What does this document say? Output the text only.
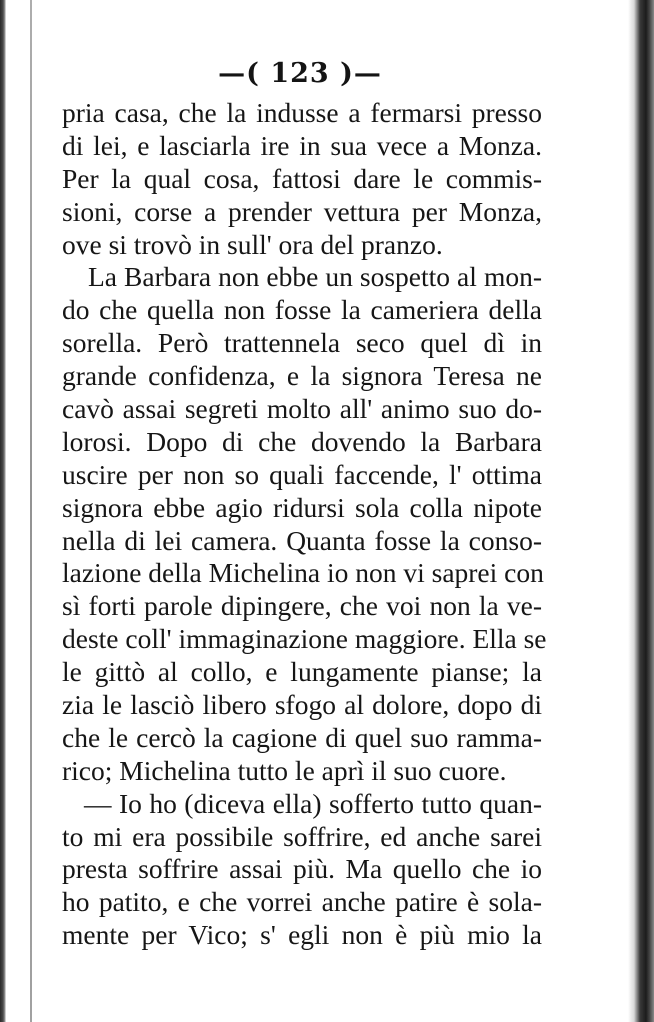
—( 123 )—
pria casa, che la indusse a fermarsi presso
di lei, e lasciarla ire in sua vece a Monza.
Per la qual cosa, fattosi dare le commis-
sioni, corse a prender vettura per Monza,
ove si trovò in sull' ora del pranzo.
La Barbara non ebbe un sospetto al mon-
do che quella non fosse la cameriera della
sorella. Però trattennela seco quel dì in
grande confidenza, e la signora Teresa ne
cavò assai segreti molto all' animo suo do-
lorosi. Dopo di che dovendo la Barbara
uscire per non so quali faccende, l' ottima
signora ebbe agio ridursi sola colla nipote
nella di lei camera. Quanta fosse la conso-
lazione della Michelina io non vi saprei con
sì forti parole dipingere, che voi non la ve-
deste coll' immaginazione maggiore. Ella se
le gittò al collo, e lungamente pianse; la
zia le lasciò libero sfogo al dolore, dopo di
che le cercò la cagione di quel suo ramma-
rico; Michelina tutto le aprì il suo cuore.
— Io ho (diceva ella) sofferto tutto quan-
to mi era possibile soffrire, ed anche sarei
presta soffrire assai più. Ma quello che io
ho patito, e che vorrei anche patire è sola-
mente per Vico; s' egli non è più mio la
